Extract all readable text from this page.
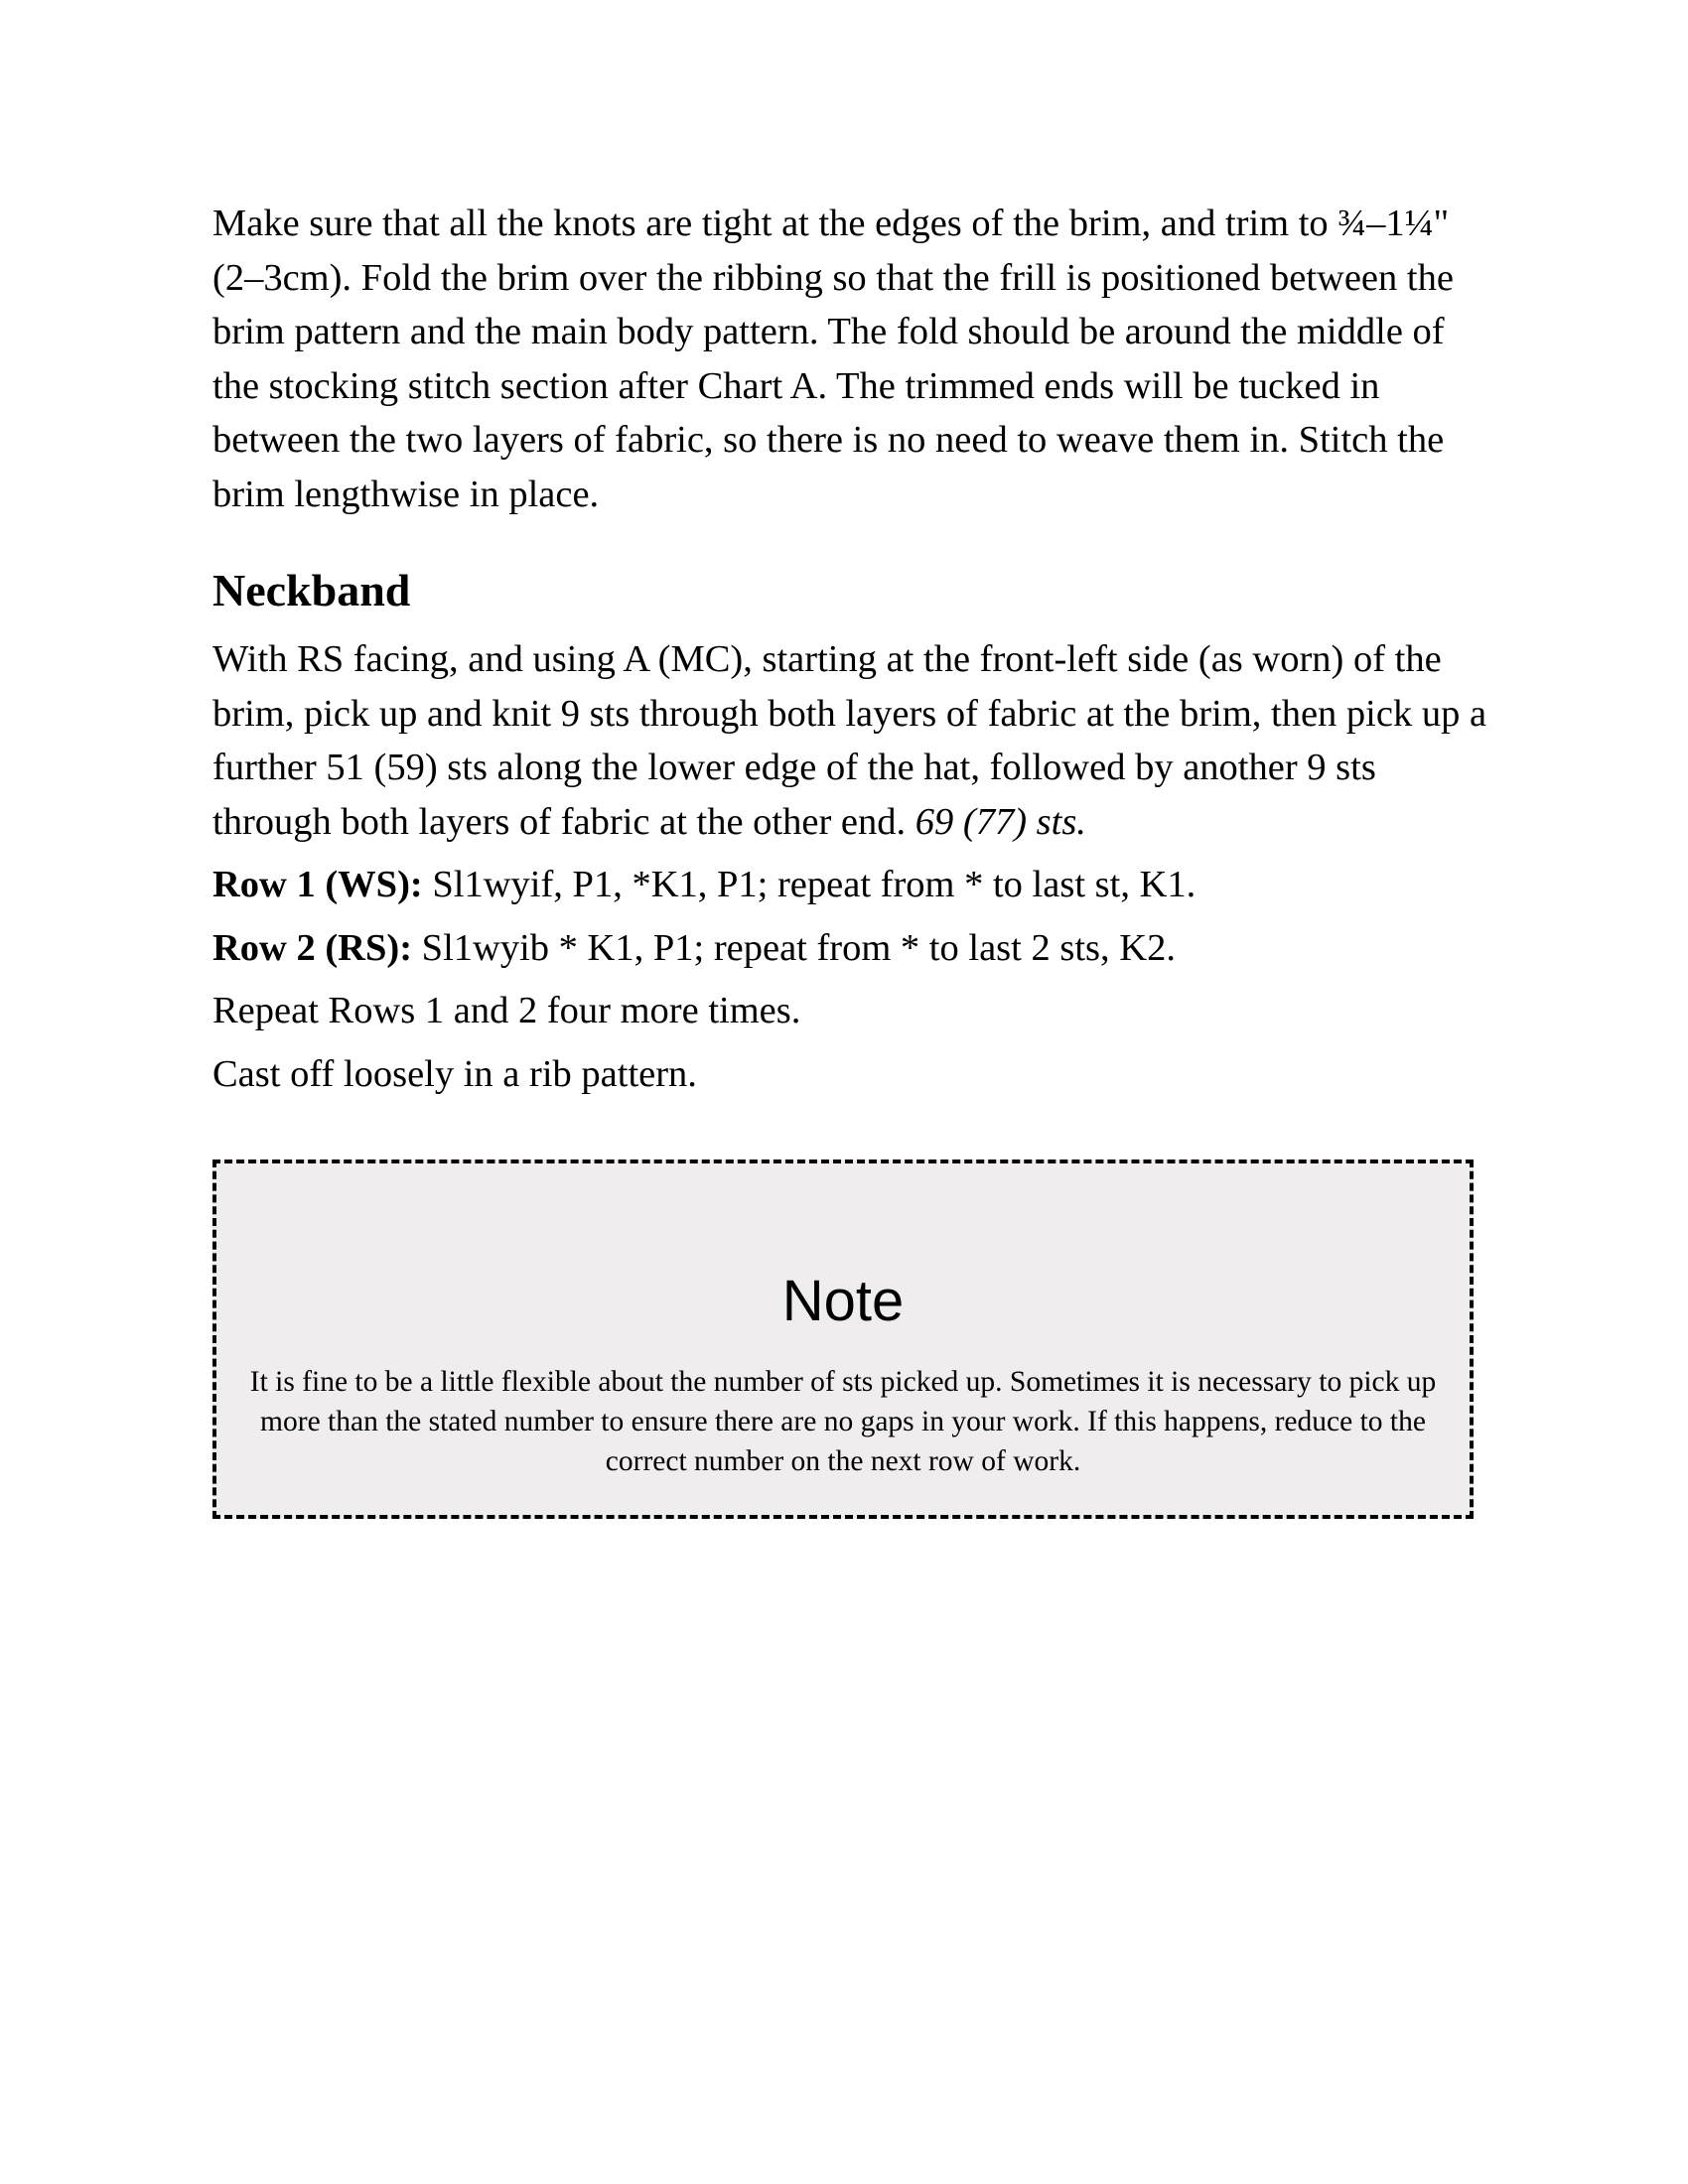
Make sure that all the knots are tight at the edges of the brim, and trim to ¾–1¼" (2–3cm). Fold the brim over the ribbing so that the frill is positioned between the brim pattern and the main body pattern. The fold should be around the middle of the stocking stitch section after Chart A. The trimmed ends will be tucked in between the two layers of fabric, so there is no need to weave them in. Stitch the brim lengthwise in place.

Neckband

With RS facing, and using A (MC), starting at the front-left side (as worn) of the brim, pick up and knit 9 sts through both layers of fabric at the brim, then pick up a further 51 (59) sts along the lower edge of the hat, followed by another 9 sts through both layers of fabric at the other end. 69 (77) sts.

Row 1 (WS): Sl1wyif, P1, *K1, P1; repeat from * to last st, K1.

Row 2 (RS): Sl1wyib * K1, P1; repeat from * to last 2 sts, K2.

Repeat Rows 1 and 2 four more times.

Cast off loosely in a rib pattern.

Note

It is fine to be a little flexible about the number of sts picked up. Sometimes it is necessary to pick up more than the stated number to ensure there are no gaps in your work. If this happens, reduce to the correct number on the next row of work.
